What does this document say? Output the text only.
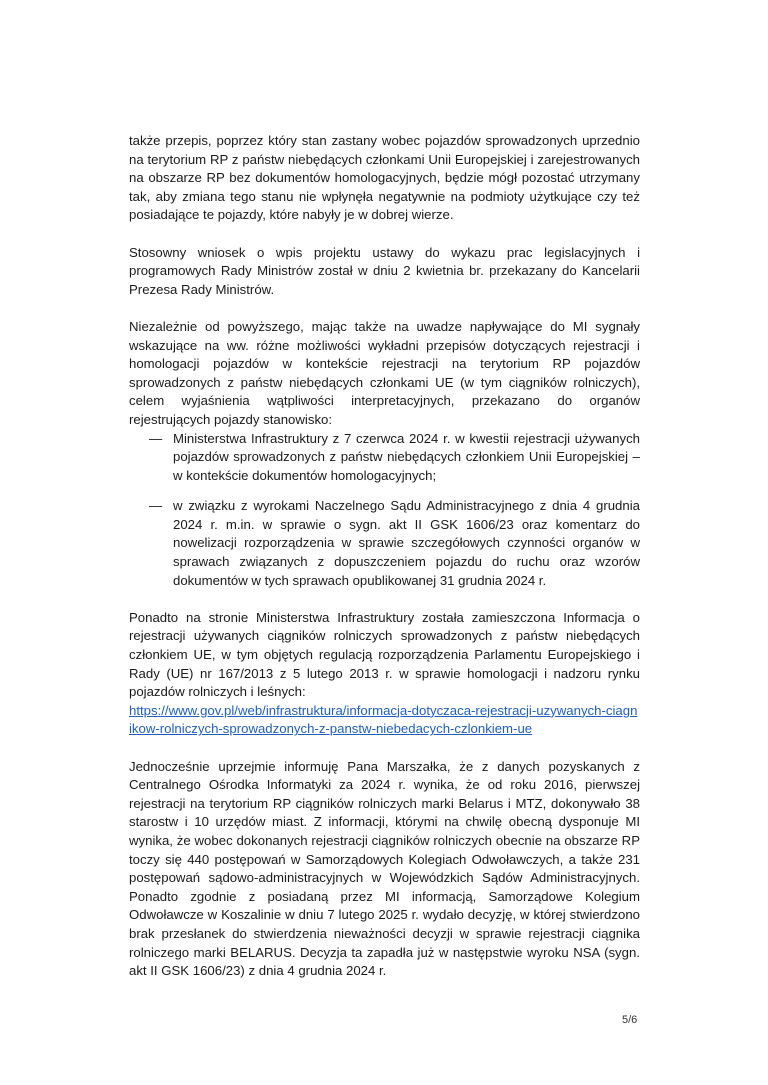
także przepis, poprzez który stan zastany wobec pojazdów sprowadzonych uprzednio na terytorium RP z państw niebędących członkami Unii Europejskiej i zarejestrowanych na obszarze RP bez dokumentów homologacyjnych, będzie mógł pozostać utrzymany tak, aby zmiana tego stanu nie wpłynęła negatywnie na podmioty użytkujące czy też posiadające te pojazdy, które nabyły je w dobrej wierze.

Stosowny wniosek o wpis projektu ustawy do wykazu prac legislacyjnych i programowych Rady Ministrów został w dniu 2 kwietnia br. przekazany do Kancelarii Prezesa Rady Ministrów.

Niezależnie od powyższego, mając także na uwadze napływające do MI sygnały wskazujące na ww. różne możliwości wykładni przepisów dotyczących rejestracji i homologacji pojazdów w kontekście rejestracji na terytorium RP pojazdów sprowadzonych z państw niebędących członkami UE (w tym ciągników rolniczych), celem wyjaśnienia wątpliwości interpretacyjnych, przekazano do organów rejestrujących pojazdy stanowisko:

— Ministerstwa Infrastruktury z 7 czerwca 2024 r. w kwestii rejestracji używanych pojazdów sprowadzonych z państw niebędących członkiem Unii Europejskiej – w kontekście dokumentów homologacyjnych;
— w związku z wyrokami Naczelnego Sądu Administracyjnego z dnia 4 grudnia 2024 r. m.in. w sprawie o sygn. akt II GSK 1606/23 oraz komentarz do nowelizacji rozporządzenia w sprawie szczegółowych czynności organów w sprawach związanych z dopuszczeniem pojazdu do ruchu oraz wzorów dokumentów w tych sprawach opublikowanej 31 grudnia 2024 r.

Ponadto na stronie Ministerstwa Infrastruktury została zamieszczona Informacja o rejestracji używanych ciągników rolniczych sprowadzonych z państw niebędących członkiem UE, w tym objętych regulacją rozporządzenia Parlamentu Europejskiego i Rady (UE) nr 167/2013 z 5 lutego 2013 r. w sprawie homologacji i nadzoru rynku pojazdów rolniczych i leśnych:

https://www.gov.pl/web/infrastruktura/informacja-dotyczaca-rejestracji-uzywanych-ciagnikow-rolniczych-sprowadzonych-z-panstw-niebedacych-czlonkiem-ue

Jednocześnie uprzejmie informuję Pana Marszałka, że z danych pozyskanych z Centralnego Ośrodka Informatyki za 2024 r. wynika, że od roku 2016, pierwszej rejestracji na terytorium RP ciągników rolniczych marki Belarus i MTZ, dokonywało 38 starostw i 10 urzędów miast. Z informacji, którymi na chwilę obecną dysponuje MI wynika, że wobec dokonanych rejestracji ciągników rolniczych obecnie na obszarze RP toczy się 440 postępowań w Samorządowych Kolegiach Odwoławczych, a także 231 postępowań sądowo-administracyjnych w Wojewódzkich Sądów Administracyjnych. Ponadto zgodnie z posiadaną przez MI informacją, Samorządowe Kolegium Odwoławcze w Koszalinie w dniu 7 lutego 2025 r. wydało decyzję, w której stwierdzono brak przesłanek do stwierdzenia nieważności decyzji w sprawie rejestracji ciągnika rolniczego marki BELARUS. Decyzja ta zapadła już w następstwie wyroku NSA (sygn. akt II GSK 1606/23) z dnia 4 grudnia 2024 r.

5/6
